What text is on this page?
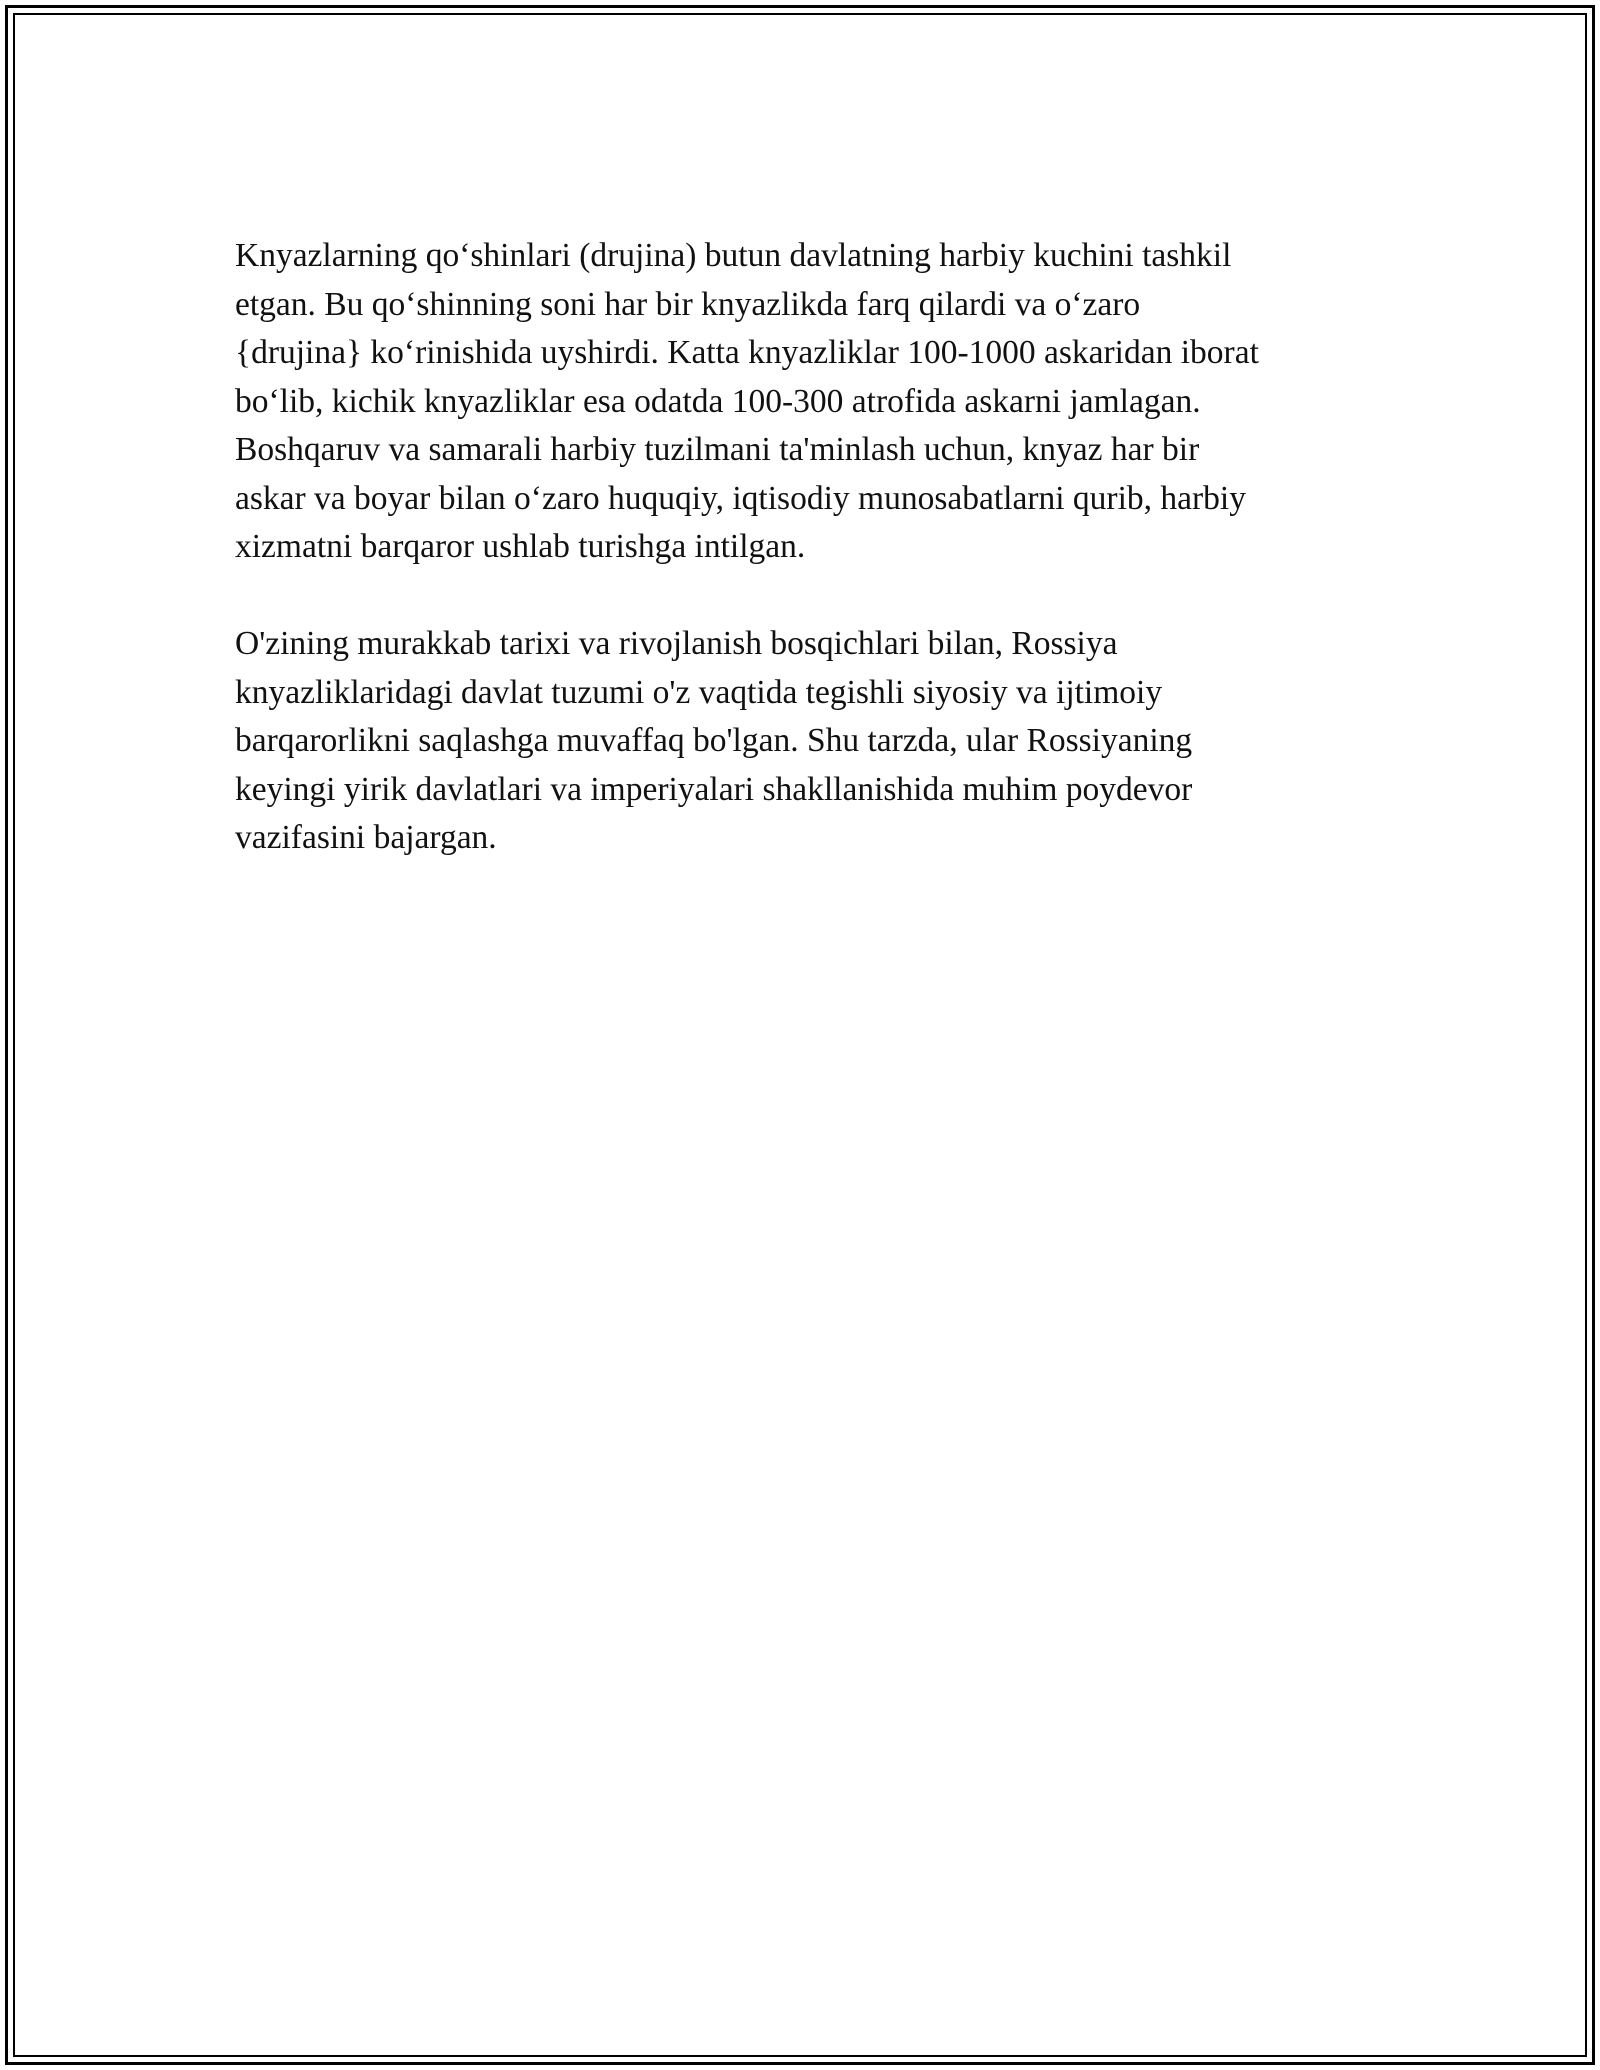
Knyazlarning qo‘shinlari (drujina) butun davlatning harbiy kuchini tashkil
etgan. Bu qo‘shinning soni har bir knyazlikda farq qilardi va o‘zaro
{drujina} ko‘rinishida uyshirdi. Katta knyazliklar 100-1000 askaridan iborat
bo‘lib, kichik knyazliklar esa odatda 100-300 atrofida askarni jamlagan.
Boshqaruv va samarali harbiy tuzilmani ta'minlash uchun, knyaz har bir
askar va boyar bilan o‘zaro huquqiy, iqtisodiy munosabatlarni qurib, harbiy
xizmatni barqaror ushlab turishga intilgan.

O'zining murakkab tarixi va rivojlanish bosqichlari bilan, Rossiya
knyazliklaridagi davlat tuzumi o'z vaqtida tegishli siyosiy va ijtimoiy
barqarorlikni saqlashga muvaffaq bo'lgan. Shu tarzda, ular Rossiyaning
keyingi yirik davlatlari va imperiyalari shakllanishida muhim poydevor
vazifasini bajargan.
